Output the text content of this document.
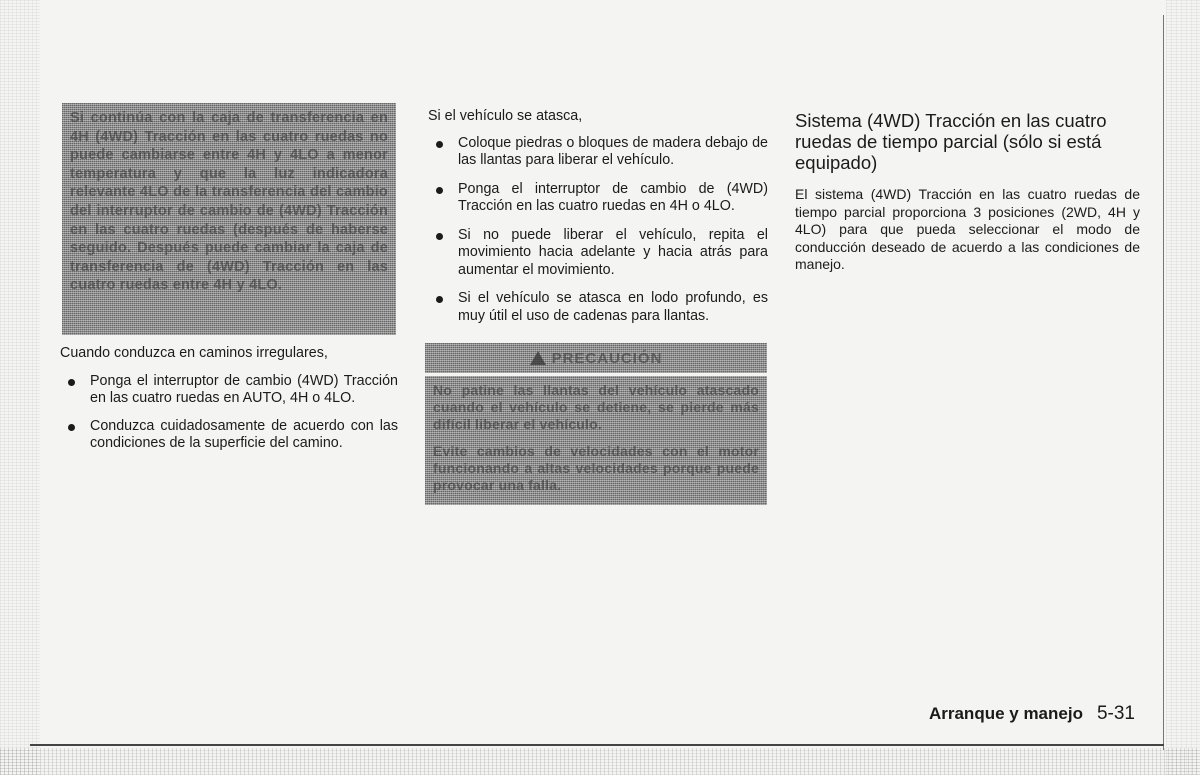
Si continúa con la caja de transferencia en 4H (4WD) Tracción en las cuatro ruedas no puede cambiarse entre 4H y 4LO a menor temperatura y que la luz indicadora relevante 4LO de la transferencia del cambio del interruptor de cambio de (4WD) Tracción en las cuatro ruedas (después de haberse seguido. Después puede cambiar la caja de transferencia de (4WD) Tracción en las cuatro ruedas entre 4H y 4LO.

Cuando conduzca en caminos irregulares,

Ponga el interruptor de cambio (4WD) Tracción en las cuatro ruedas en AUTO, 4H o 4LO.
Conduzca cuidadosamente de acuerdo con las condiciones de la superficie del camino.

Si el vehículo se atasca,

Coloque piedras o bloques de madera debajo de las llantas para liberar el vehículo.
Ponga el interruptor de cambio de (4WD) Tracción en las cuatro ruedas en 4H o 4LO.
Si no puede liberar el vehículo, repita el movimiento hacia adelante y hacia atrás para aumentar el movimiento.
Si el vehículo se atasca en lodo profundo, es muy útil el uso de cadenas para llantas.
PRECAUCIÓN

No patine las llantas del vehículo atascado cuando el vehículo se detiene, se pierde más difícil liberar el vehículo.

Evite cambios de velocidades con el motor funcionando a altas velocidades porque puede provocar una falla.

Sistema (4WD) Tracción en las cuatro ruedas de tiempo parcial (sólo si está equipado)

El sistema (4WD) Tracción en las cuatro ruedas de tiempo parcial proporciona 3 posiciones (2WD, 4H y 4LO) para que pueda seleccionar el modo de conducción deseado de acuerdo a las condiciones de manejo.

Arranque y manejo 5-31
